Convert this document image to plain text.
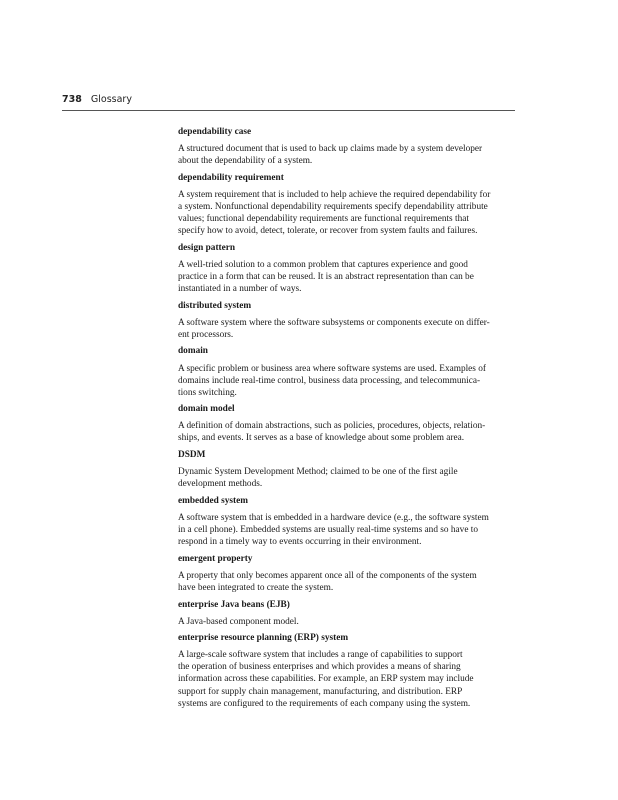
738 Glossary
dependability case
A structured document that is used to back up claims made by a system developer
about the dependability of a system.
dependability requirement
A system requirement that is included to help achieve the required dependability for
a system. Nonfunctional dependability requirements specify dependability attribute
values; functional dependability requirements are functional requirements that
specify how to avoid, detect, tolerate, or recover from system faults and failures.
design pattern
A well-tried solution to a common problem that captures experience and good
practice in a form that can be reused. It is an abstract representation than can be
instantiated in a number of ways.
distributed system
A software system where the software subsystems or components execute on differ-
ent processors.
domain
A specific problem or business area where software systems are used. Examples of
domains include real-time control, business data processing, and telecommunica-
tions switching.
domain model
A definition of domain abstractions, such as policies, procedures, objects, relation-
ships, and events. It serves as a base of knowledge about some problem area.
DSDM
Dynamic System Development Method; claimed to be one of the first agile
development methods.
embedded system
A software system that is embedded in a hardware device (e.g., the software system
in a cell phone). Embedded systems are usually real-time systems and so have to
respond in a timely way to events occurring in their environment.
emergent property
A property that only becomes apparent once all of the components of the system
have been integrated to create the system.
enterprise Java beans (EJB)
A Java-based component model.
enterprise resource planning (ERP) system
A large-scale software system that includes a range of capabilities to support
the operation of business enterprises and which provides a means of sharing
information across these capabilities. For example, an ERP system may include
support for supply chain management, manufacturing, and distribution. ERP
systems are configured to the requirements of each company using the system.
